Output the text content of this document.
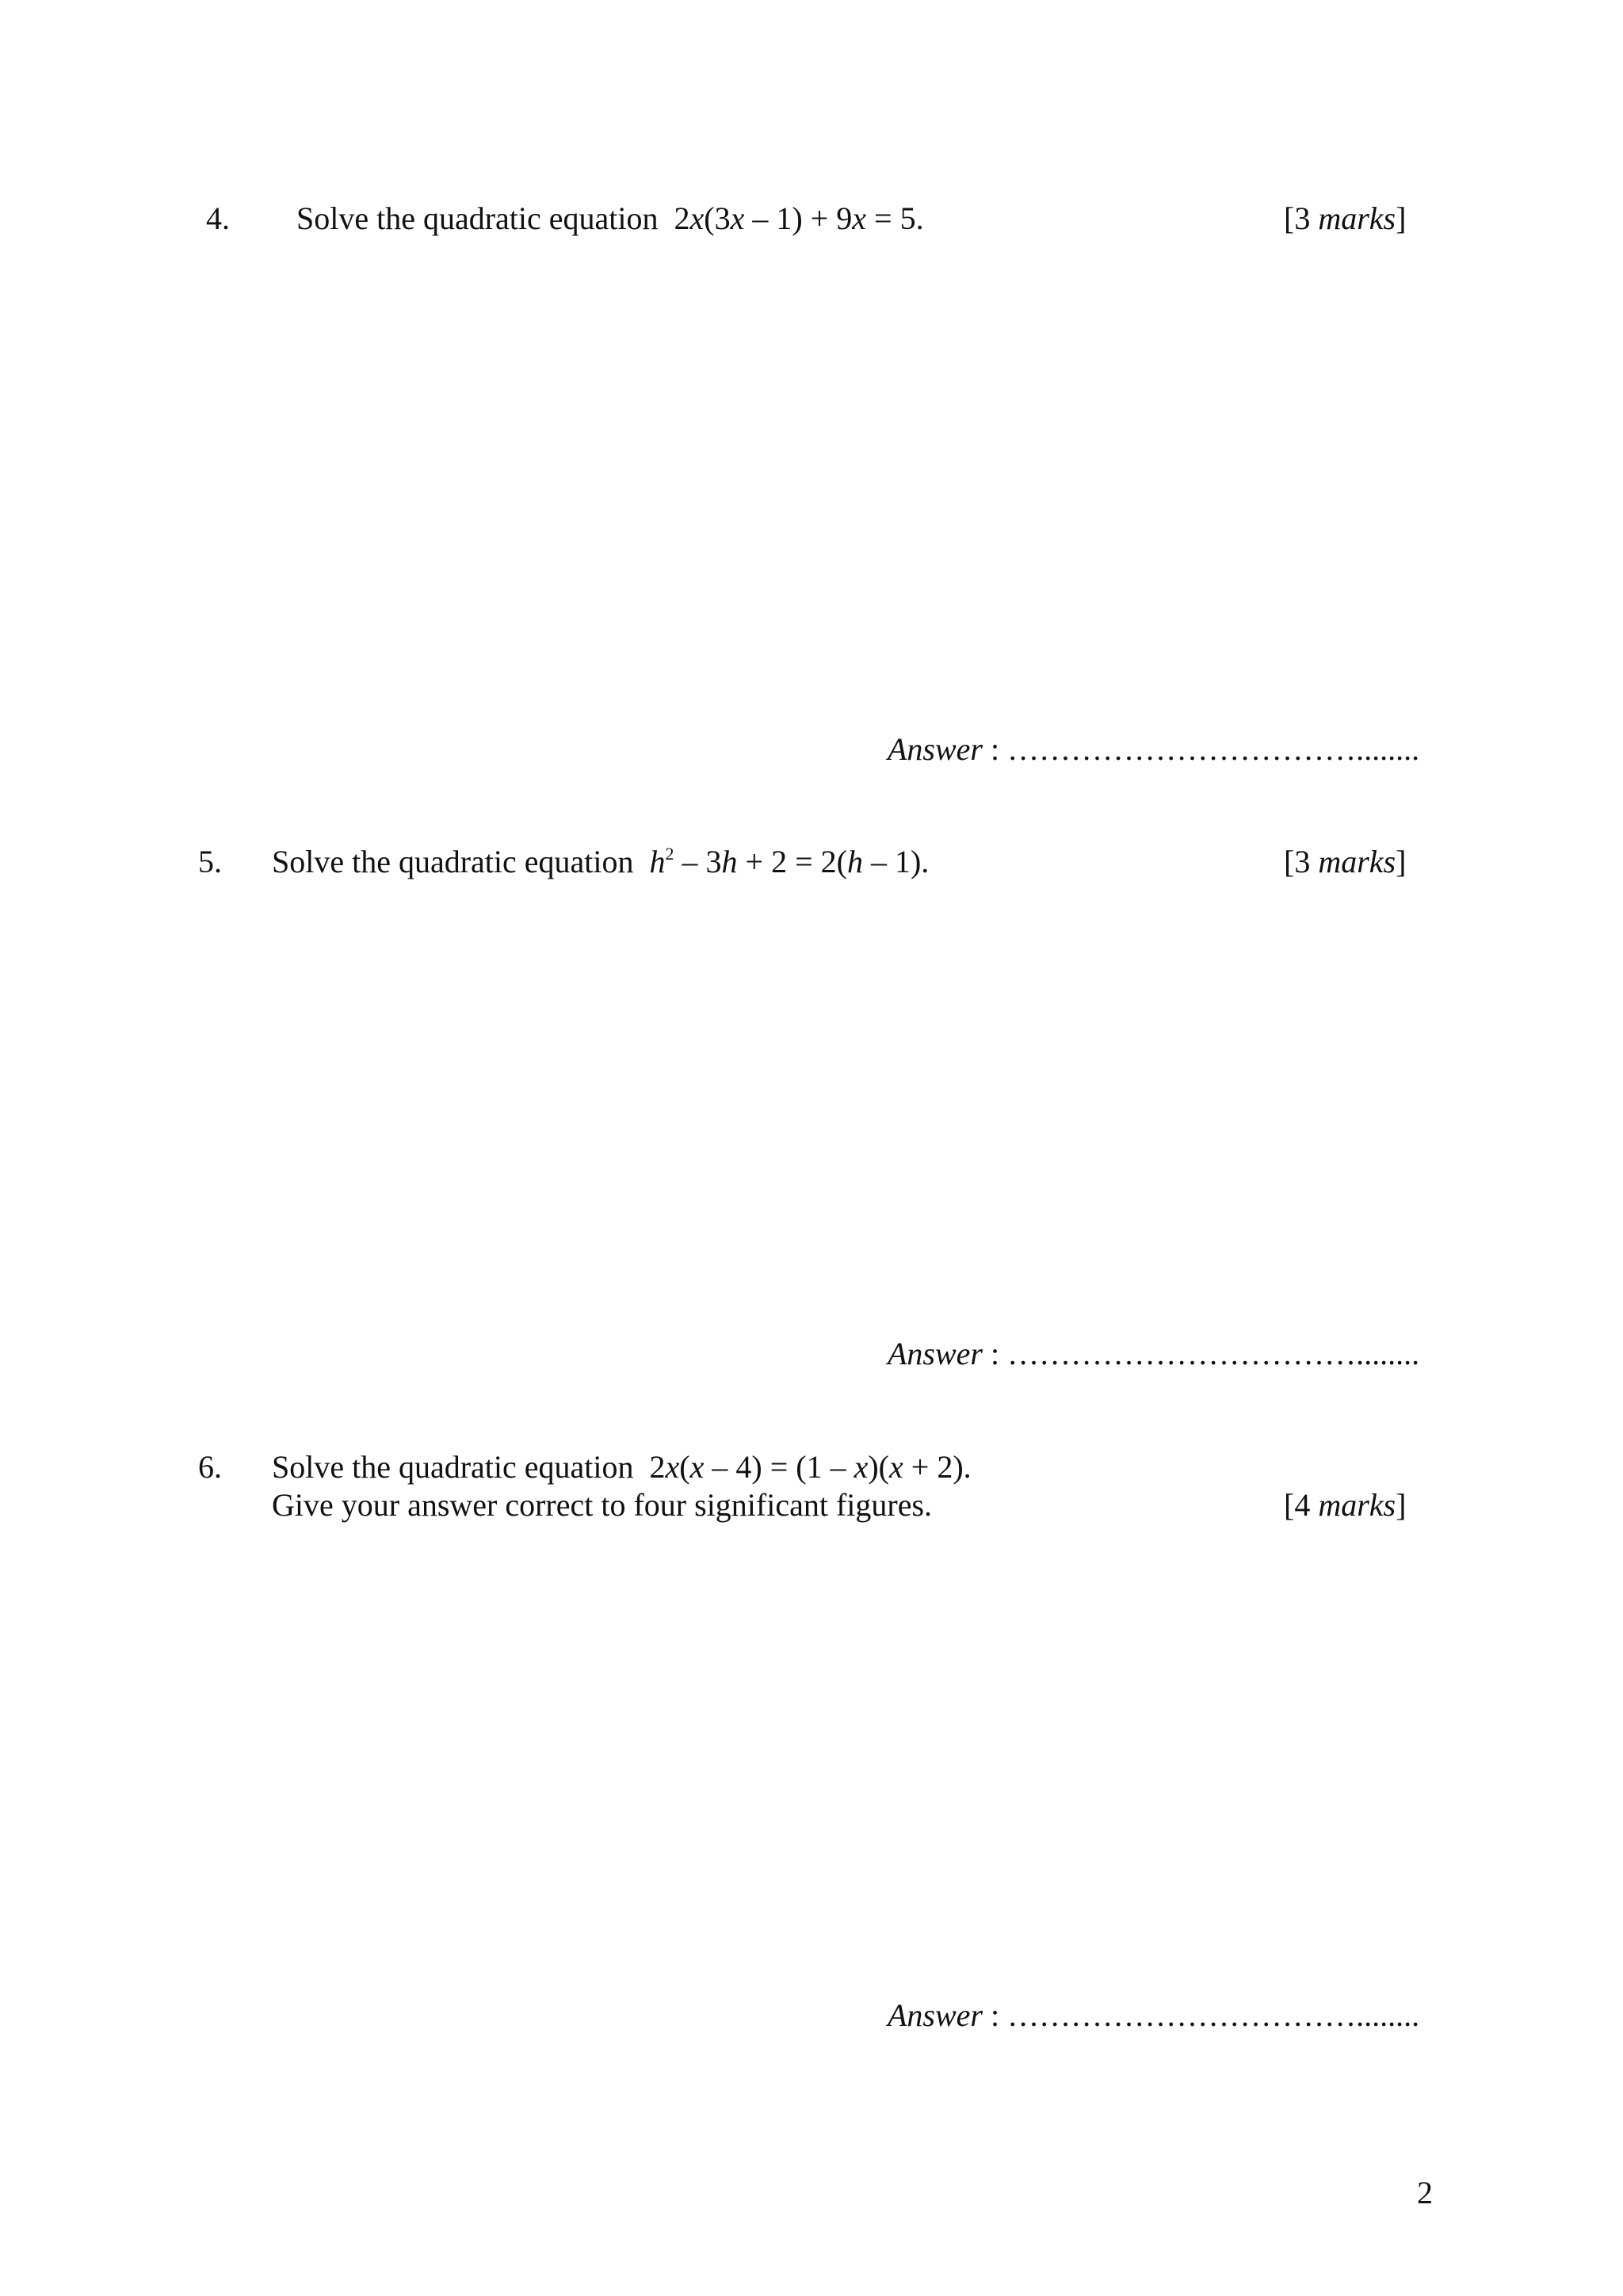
4. Solve the quadratic equation 2x(3x – 1) + 9x = 5.	[3 marks]
Answer : ……………………………........
5. Solve the quadratic equation $h^2 - 3h + 2 = 2(h - 1)$.	[3 marks]
Answer : ……………………………........
6. Solve the quadratic equation 2x(x – 4) = (1 – x)(x + 2).
Give your answer correct to four significant figures.	[4 marks]
Answer : ……………………………........
2
